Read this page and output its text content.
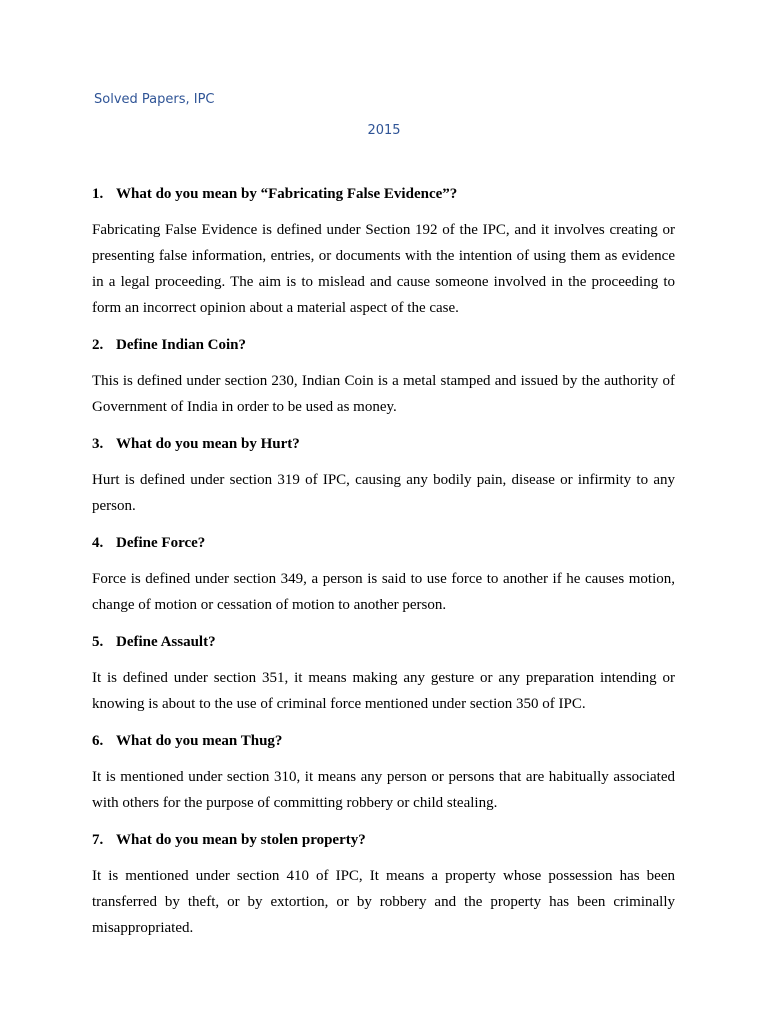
Solved Papers, IPC
2015
1. What do you mean by “Fabricating False Evidence”?
Fabricating False Evidence is defined under Section 192 of the IPC, and it involves creating or presenting false information, entries, or documents with the intention of using them as evidence in a legal proceeding. The aim is to mislead and cause someone involved in the proceeding to form an incorrect opinion about a material aspect of the case.
2. Define Indian Coin?
This is defined under section 230, Indian Coin is a metal stamped and issued by the authority of Government of India in order to be used as money.
3. What do you mean by Hurt?
Hurt is defined under section 319 of IPC, causing any bodily pain, disease or infirmity to any person.
4. Define Force?
Force is defined under section 349, a person is said to use force to another if he causes motion, change of motion or cessation of motion to another person.
5. Define Assault?
It is defined under section 351, it means making any gesture or any preparation intending or knowing is about to the use of criminal force mentioned under section 350 of IPC.
6. What do you mean Thug?
It is mentioned under section 310, it means any person or persons that are habitually associated with others for the purpose of committing robbery or child stealing.
7. What do you mean by stolen property?
It is mentioned under section 410 of IPC, It means a property whose possession has been transferred by theft, or by extortion, or by robbery and the property has been criminally misappropriated.
